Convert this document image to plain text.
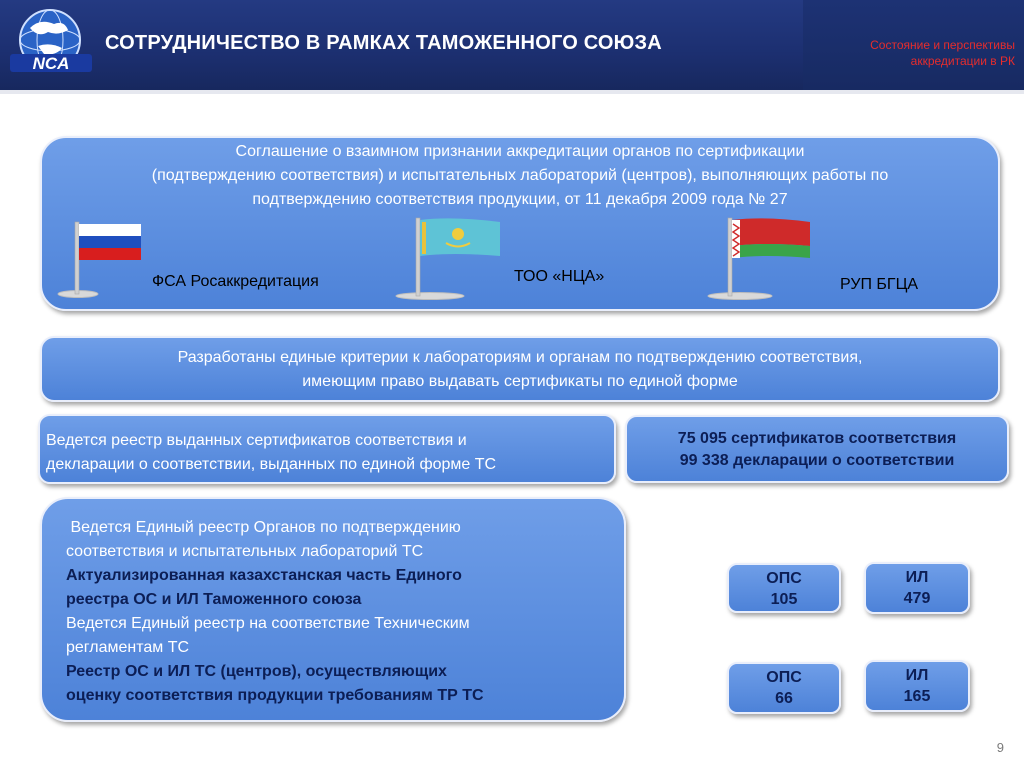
NCA
СОТРУДНИЧЕСТВО В РАМКАХ ТАМОЖЕННОГО СОЮЗА	Состояние и перспективы
аккредитации в РК
Соглашение о взаимном признании аккредитации органов по сертификации
(подтверждению соответствия) и испытательных лабораторий (центров), выполняющих работы по
подтверждению соответствия продукции, от 11 декабря 2009 года № 27
ФСА Росаккредитация	ТОО «НЦА»	РУП БГЦА
Разработаны единые критерии к лабораториям и органам по подтверждению соответствия,
имеющим право выдавать сертификаты по единой форме
Ведется реестр выданных сертификатов соответствия и
декларации о соответствии, выданных по единой форме ТС
75 095 сертификатов соответствия
99 338 декларации о соответствии
Ведется Единый реестр Органов по подтверждению
соответствия и испытательных лабораторий ТС
Актуализированная казахстанская часть Единого
реестра ОС и ИЛ Таможенного союза
Ведется Единый реестр на соответствие Техническим
регламентам ТС
Реестр ОС и ИЛ ТС (центров), осуществляющих
оценку соответствия продукции требованиям ТР ТС
ОПС
105
ИЛ
479
ОПС
66
ИЛ
165
9
